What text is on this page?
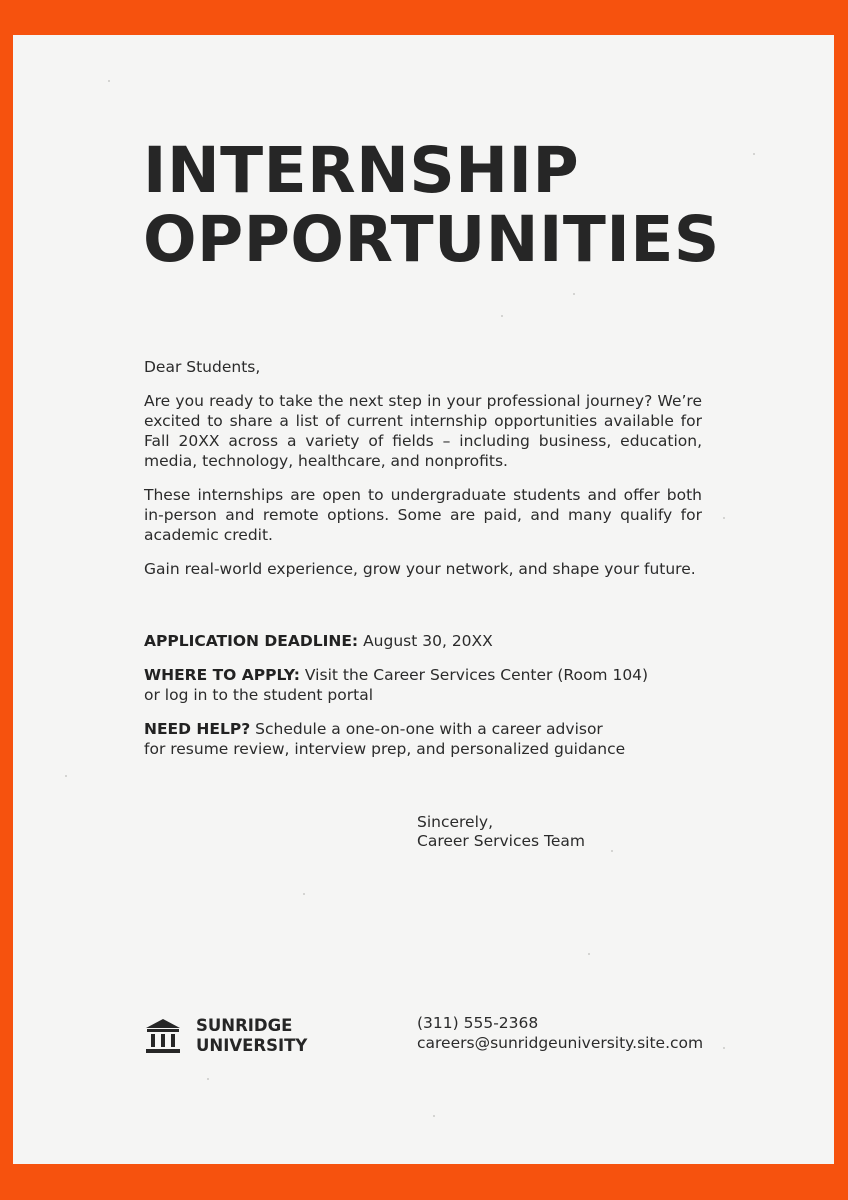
INTERNSHIP
OPPORTUNITIES

Dear Students,

Are you ready to take the next step in your professional journey? We’re excited to share a list of current internship opportunities available for Fall 20XX across a variety of fields – including business, education, media, technology, healthcare, and nonprofits.

These internships are open to undergraduate students and offer both in-person and remote options. Some are paid, and many qualify for academic credit.

Gain real-world experience, grow your network, and shape your future.

APPLICATION DEADLINE: August 30, 20XX

WHERE TO APPLY: Visit the Career Services Center (Room 104)
or log in to the student portal

NEED HELP? Schedule a one-on-one with a career advisor
for resume review, interview prep, and personalized guidance

Sincerely,
Career Services Team
SUNRIDGE
UNIVERSITY
(311) 555-2368
careers@sunridgeuniversity.site.com
